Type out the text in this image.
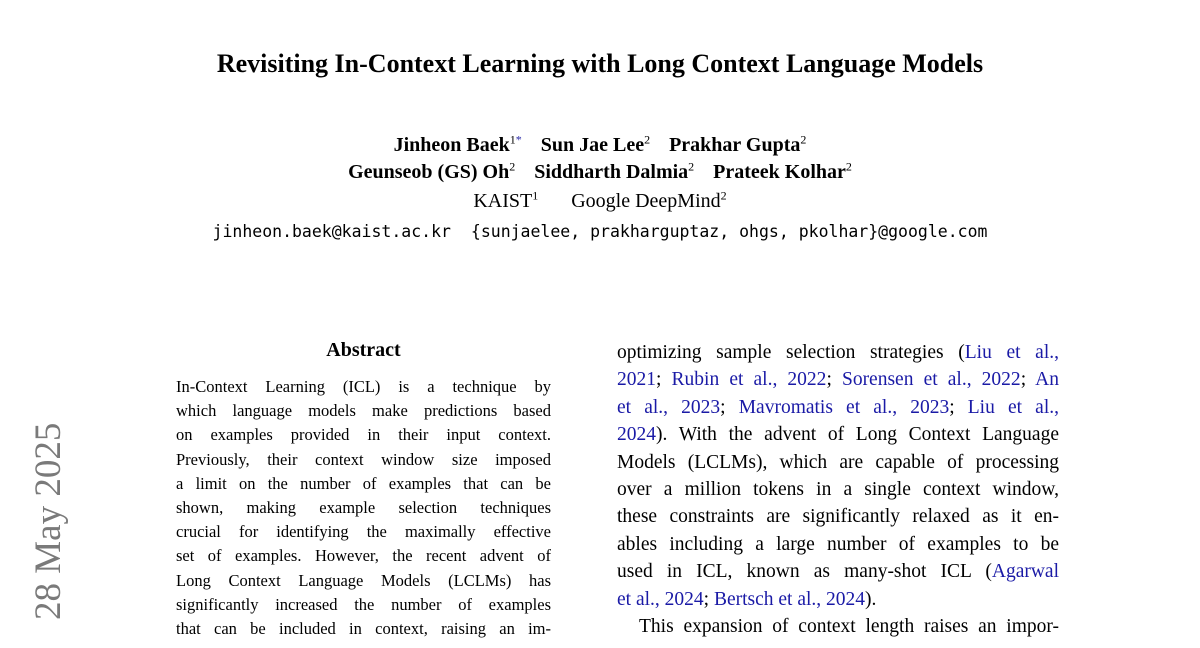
28 May 2025
Revisiting In-Context Learning with Long Context Language Models
Jinheon Baek$^{1*}$ Sun Jae Lee$^2$ Prakhar Gupta$^2$
Geunseob (GS) Oh$^2$ Siddharth Dalmia$^2$ Prateek Kolhar$^2$
KAIST$^1$ Google DeepMind$^2$
jinheon.baek@kaist.ac.kr {sunjaelee, prakharguptaz, ohgs, pkolhar}@google.com
Abstract
In-Context Learning (ICL) is a technique by
which language models make predictions based
on examples provided in their input context.
Previously, their context window size imposed
a limit on the number of examples that can be
shown, making example selection techniques
crucial for identifying the maximally effective
set of examples. However, the recent advent of
Long Context Language Models (LCLMs) has
significantly increased the number of examples
that can be included in context, raising an im-
optimizing sample selection strategies (Liu et al.,
2021; Rubin et al., 2022; Sorensen et al., 2022; An
et al., 2023; Mavromatis et al., 2023; Liu et al.,
2024). With the advent of Long Context Language
Models (LCLMs), which are capable of processing
over a million tokens in a single context window,
these constraints are significantly relaxed as it en-
ables including a large number of examples to be
used in ICL, known as many-shot ICL (Agarwal
et al., 2024; Bertsch et al., 2024).
This expansion of context length raises an impor-
